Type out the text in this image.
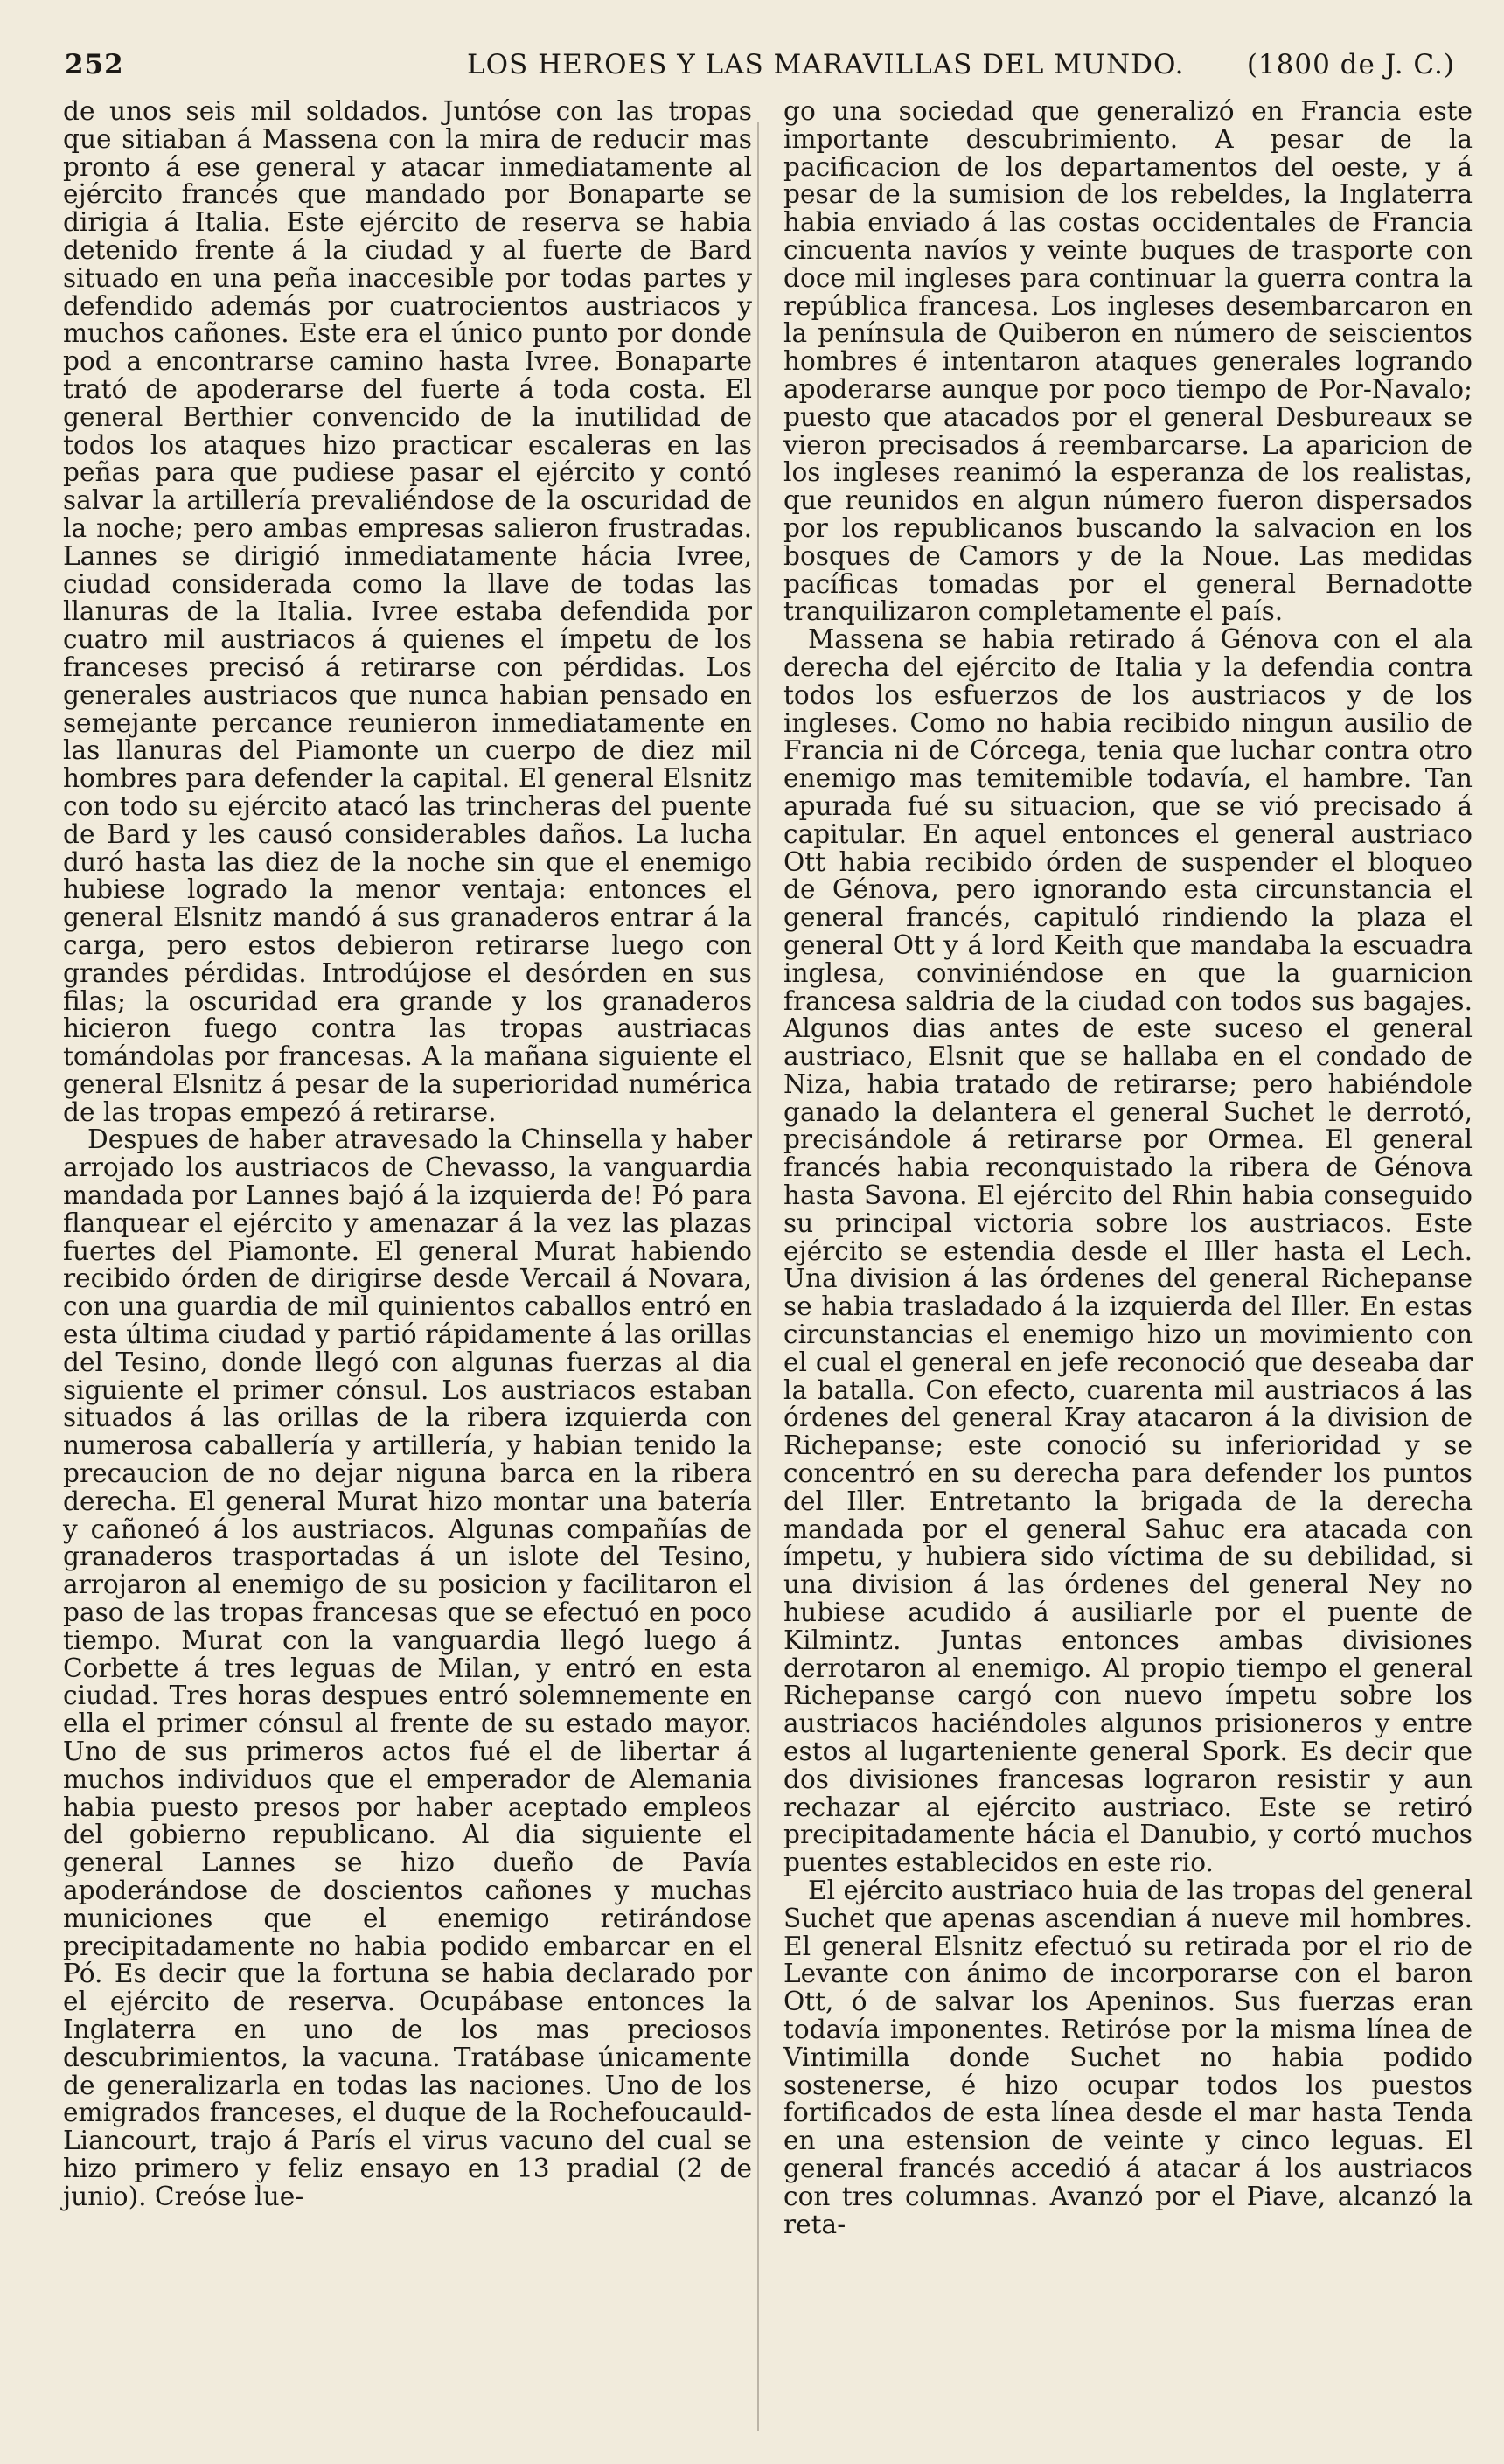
252	LOS HEROES Y LAS MARAVILLAS DEL MUNDO. (1800 de J. C.)

de unos seis mil soldados. Juntóse con las tropas que sitiaban á Massena con la mira de reducir mas pronto á ese general y atacar inmediatamente al ejército francés que mandado por Bonaparte se dirigia á Italia. Este ejército de reserva se habia detenido frente á la ciudad y al fuerte de Bard situado en una peña inaccesible por todas partes y defendido además por cuatrocientos austriacos y muchos cañones. Este era el único punto por donde pod a encontrarse camino hasta Ivree. Bonaparte trató de apoderarse del fuerte á toda costa. El general Berthier convencido de la inutilidad de todos los ataques hizo practicar escaleras en las peñas para que pudiese pasar el ejército y contó salvar la artillería prevaliéndose de la oscuridad de la noche; pero ambas empresas salieron frustradas. Lannes se dirigió inmediatamente hácia Ivree, ciudad considerada como la llave de todas las llanuras de la Italia. Ivree estaba defendida por cuatro mil austriacos á quienes el ímpetu de los franceses precisó á retirarse con pérdidas. Los generales austriacos que nunca habian pensado en semejante percance reunieron inmediatamente en las llanuras del Piamonte un cuerpo de diez mil hombres para defender la capital. El general Elsnitz con todo su ejército atacó las trincheras del puente de Bard y les causó considerables daños. La lucha duró hasta las diez de la noche sin que el enemigo hubiese logrado la menor ventaja: entonces el general Elsnitz mandó á sus granaderos entrar á la carga, pero estos debieron retirarse luego con grandes pérdidas. Introdújose el desórden en sus filas; la oscuridad era grande y los granaderos hicieron fuego contra las tropas austriacas tomándolas por francesas. A la mañana siguiente el general Elsnitz á pesar de la superioridad numérica de las tropas empezó á retirarse.

Despues de haber atravesado la Chinsella y haber arrojado los austriacos de Chevasso, la vanguardia mandada por Lannes bajó á la izquierda de! Pó para flanquear el ejército y amenazar á la vez las plazas fuertes del Piamonte. El general Murat habiendo recibido órden de dirigirse desde Vercail á Novara, con una guardia de mil quinientos caballos entró en esta última ciudad y partió rápidamente á las orillas del Tesino, donde llegó con algunas fuerzas al dia siguiente el primer cónsul. Los austriacos estaban situados á las orillas de la ribera izquierda con numerosa caballería y artillería, y habian tenido la precaucion de no dejar niguna barca en la ribera derecha. El general Murat hizo montar una batería y cañoneó á los austriacos. Algunas compañías de granaderos trasportadas á un islote del Tesino, arrojaron al enemigo de su posicion y facilitaron el paso de las tropas francesas que se efectuó en poco tiempo. Murat con la vanguardia llegó luego á Corbette á tres leguas de Milan, y entró en esta ciudad. Tres horas despues entró solemnemente en ella el primer cónsul al frente de su estado mayor. Uno de sus primeros actos fué el de libertar á muchos individuos que el emperador de Alemania habia puesto presos por haber aceptado empleos del gobierno republicano. Al dia siguiente el general Lannes se hizo dueño de Pavía apoderándose de doscientos cañones y muchas municiones que el enemigo retirándose precipitadamente no habia podido embarcar en el Pó. Es decir que la fortuna se habia declarado por el ejército de reserva. Ocupábase entonces la Inglaterra en uno de los mas preciosos descubrimientos, la vacuna. Tratábase únicamente de generalizarla en todas las naciones. Uno de los emigrados franceses, el duque de la Rochefoucauld-Liancourt, trajo á París el virus vacuno del cual se hizo primero y feliz ensayo en 13 pradial (2 de junio). Creóse lue-

go una sociedad que generalizó en Francia este importante descubrimiento. A pesar de la pacificacion de los departamentos del oeste, y á pesar de la sumision de los rebeldes, la Inglaterra habia enviado á las costas occidentales de Francia cincuenta navíos y veinte buques de trasporte con doce mil ingleses para continuar la guerra contra la república francesa. Los ingleses desembarcaron en la península de Quiberon en número de seiscientos hombres é intentaron ataques generales logrando apoderarse aunque por poco tiempo de Por-Navalo; puesto que atacados por el general Desbureaux se vieron precisados á reembarcarse. La aparicion de los ingleses reanimó la esperanza de los realistas, que reunidos en algun número fueron dispersados por los republicanos buscando la salvacion en los bosques de Camors y de la Noue. Las medidas pacíficas tomadas por el general Bernadotte tranquilizaron completamente el país.

Massena se habia retirado á Génova con el ala derecha del ejército de Italia y la defendia contra todos los esfuerzos de los austriacos y de los ingleses. Como no habia recibido ningun ausilio de Francia ni de Córcega, tenia que luchar contra otro enemigo mas temitemible todavía, el hambre. Tan apurada fué su situacion, que se vió precisado á capitular. En aquel entonces el general austriaco Ott habia recibido órden de suspender el bloqueo de Génova, pero ignorando esta circunstancia el general francés, capituló rindiendo la plaza el general Ott y á lord Keith que mandaba la escuadra inglesa, conviniéndose en que la guarnicion francesa saldria de la ciudad con todos sus bagajes. Algunos dias antes de este suceso el general austriaco, Elsnit que se hallaba en el condado de Niza, habia tratado de retirarse; pero habiéndole ganado la delantera el general Suchet le derrotó, precisándole á retirarse por Ormea. El general francés habia reconquistado la ribera de Génova hasta Savona. El ejército del Rhin habia conseguido su principal victoria sobre los austriacos. Este ejército se estendia desde el Iller hasta el Lech. Una division á las órdenes del general Richepanse se habia trasladado á la izquierda del Iller. En estas circunstancias el enemigo hizo un movimiento con el cual el general en jefe reconoció que deseaba dar la batalla. Con efecto, cuarenta mil austriacos á las órdenes del general Kray atacaron á la division de Richepanse; este conoció su inferioridad y se concentró en su derecha para defender los puntos del Iller. Entretanto la brigada de la derecha mandada por el general Sahuc era atacada con ímpetu, y hubiera sido víctima de su debilidad, si una division á las órdenes del general Ney no hubiese acudido á ausiliarle por el puente de Kilmintz. Juntas entonces ambas divisiones derrotaron al enemigo. Al propio tiempo el general Richepanse cargó con nuevo ímpetu sobre los austriacos haciéndoles algunos prisioneros y entre estos al lugarteniente general Spork. Es decir que dos divisiones francesas lograron resistir y aun rechazar al ejército austriaco. Este se retiró precipitadamente hácia el Danubio, y cortó muchos puentes establecidos en este rio.

El ejército austriaco huia de las tropas del general Suchet que apenas ascendian á nueve mil hombres. El general Elsnitz efectuó su retirada por el rio de Levante con ánimo de incorporarse con el baron Ott, ó de salvar los Apeninos. Sus fuerzas eran todavía imponentes. Retiróse por la misma línea de Vintimilla donde Suchet no habia podido sostenerse, é hizo ocupar todos los puestos fortificados de esta línea desde el mar hasta Tenda en una estension de veinte y cinco leguas. El general francés accedió á atacar á los austriacos con tres columnas. Avanzó por el Piave, alcanzó la reta-
